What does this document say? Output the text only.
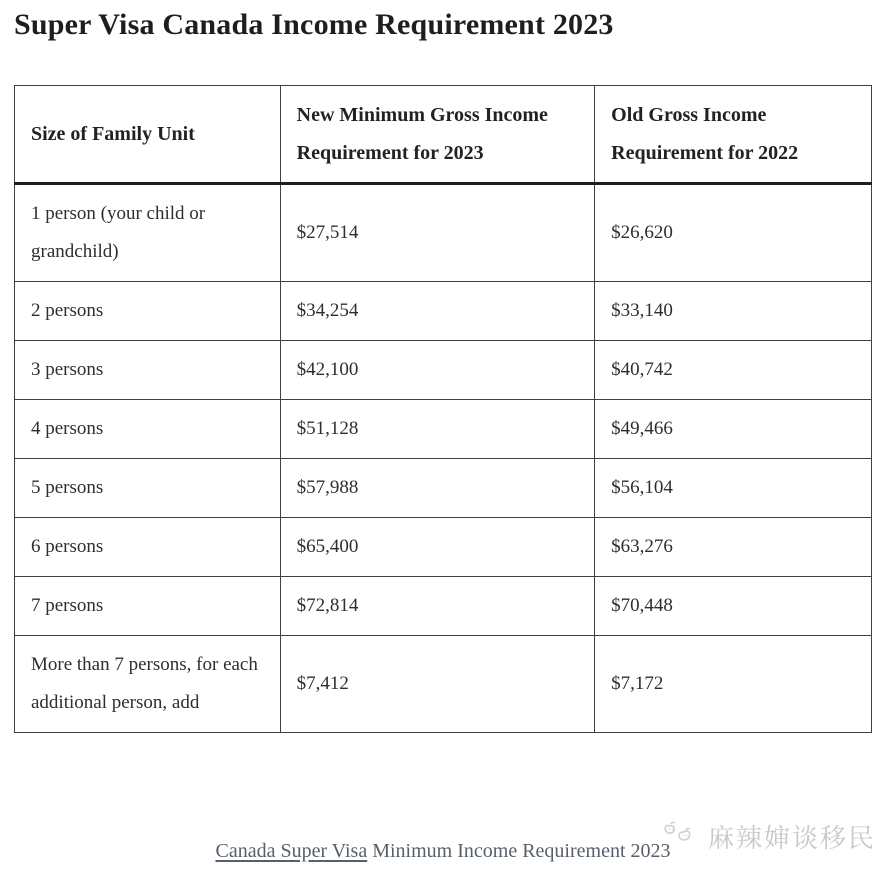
Super Visa Canada Income Requirement 2023
Size of Family Unit	New Minimum Gross Income Requirement for 2023	Old Gross Income Requirement for 2022
1 person (your child or grandchild)	$27,514	$26,620
2 persons	$34,254	$33,140
3 persons	$42,100	$40,742
4 persons	$51,128	$49,466
5 persons	$57,988	$56,104
6 persons	$65,400	$63,276
7 persons	$72,814	$70,448
More than 7 persons, for each additional person, add	$7,412	$7,172
Canada Super Visa Minimum Income Requirement 2023	麻辣婶谈移民
